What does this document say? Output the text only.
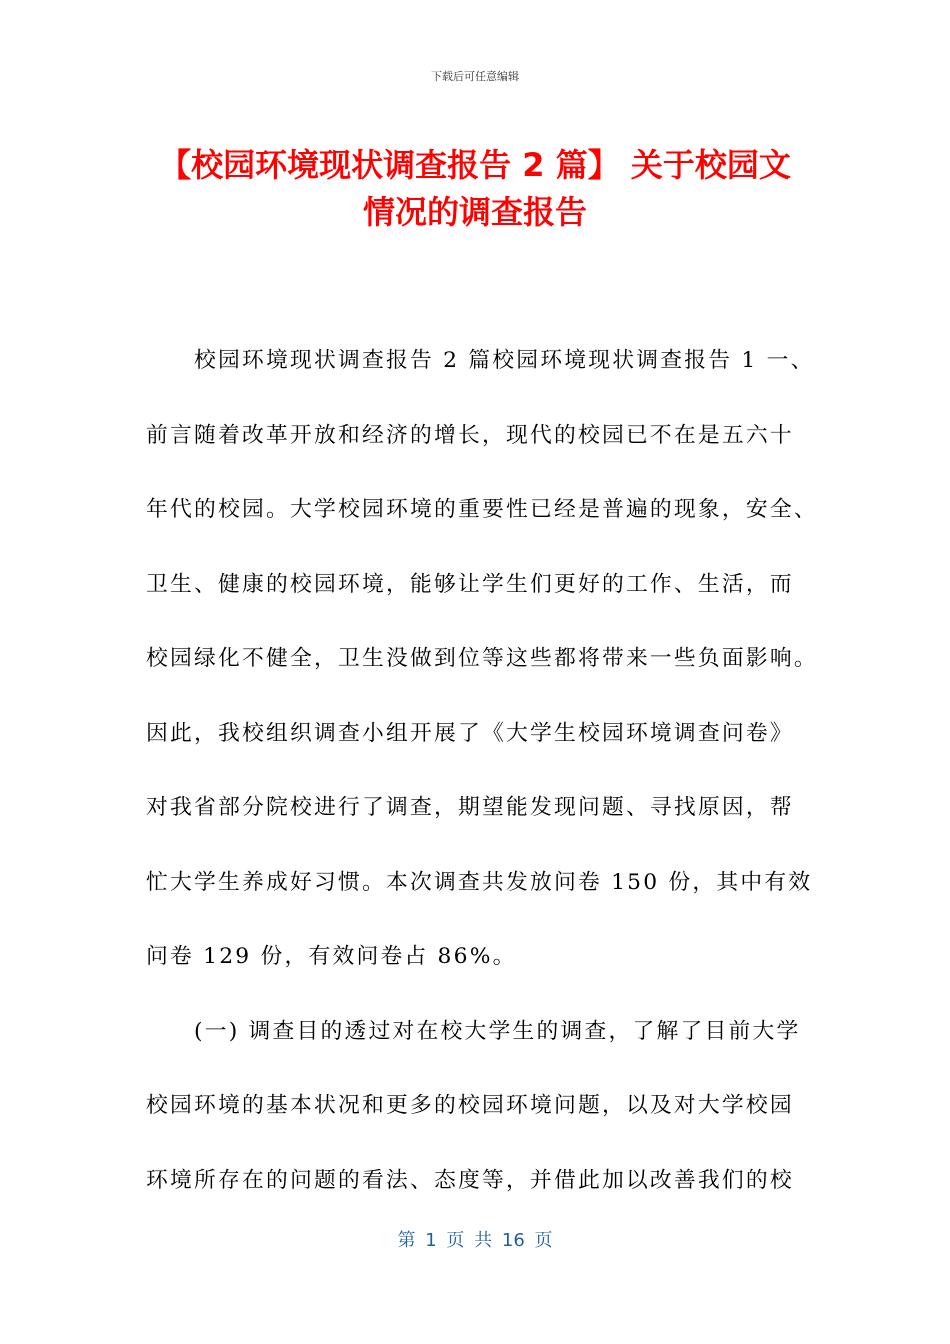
下载后可任意编辑
【校园环境现状调查报告 2 篇】 关于校园文
情况的调查报告

校园环境现状调查报告 2 篇校园环境现状调查报告 1 一、
前言随着改革开放和经济的增长，现代的校园已不在是五六十
年代的校园。大学校园环境的重要性已经是普遍的现象，安全、
卫生、健康的校园环境，能够让学生们更好的工作、生活，而
校园绿化不健全，卫生没做到位等这些都将带来一些负面影响。
因此，我校组织调查小组开展了《大学生校园环境调查问卷》
对我省部分院校进行了调查，期望能发现问题、寻找原因，帮
忙大学生养成好习惯。本次调查共发放问卷 150 份，其中有效
问卷 129 份，有效问卷占 86%。

(一) 调查目的透过对在校大学生的调查，了解了目前大学
校园环境的基本状况和更多的校园环境问题，以及对大学校园
环境所存在的问题的看法、态度等，并借此加以改善我们的校

第 1 页 共 16 页
